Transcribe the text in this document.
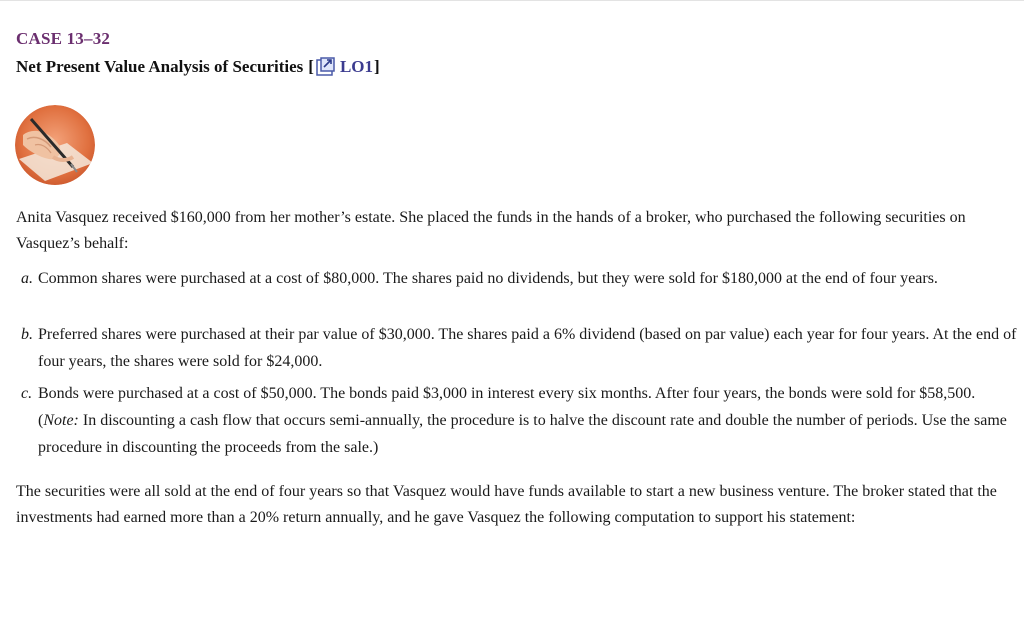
CASE 13–32
Net Present Value Analysis of Securities [ LO1 ]
Anita Vasquez received $160,000 from her mother’s estate. She placed the funds in the hands of a broker, who purchased the following securities on Vasquez’s behalf:
a. Common shares were purchased at a cost of $80,000. The shares paid no dividends, but they were sold for $180,000 at the end of four years.
b. Preferred shares were purchased at their par value of $30,000. The shares paid a 6% dividend (based on par value) each year for four years. At the end of four years, the shares were sold for $24,000.
c. Bonds were purchased at a cost of $50,000. The bonds paid $3,000 in interest every six months. After four years, the bonds were sold for $58,500. (Note: In discounting a cash flow that occurs semi-annually, the procedure is to halve the discount rate and double the number of periods. Use the same procedure in discounting the proceeds from the sale.)
The securities were all sold at the end of four years so that Vasquez would have funds available to start a new business venture. The broker stated that the investments had earned more than a 20% return annually, and he gave Vasquez the following computation to support his statement:
